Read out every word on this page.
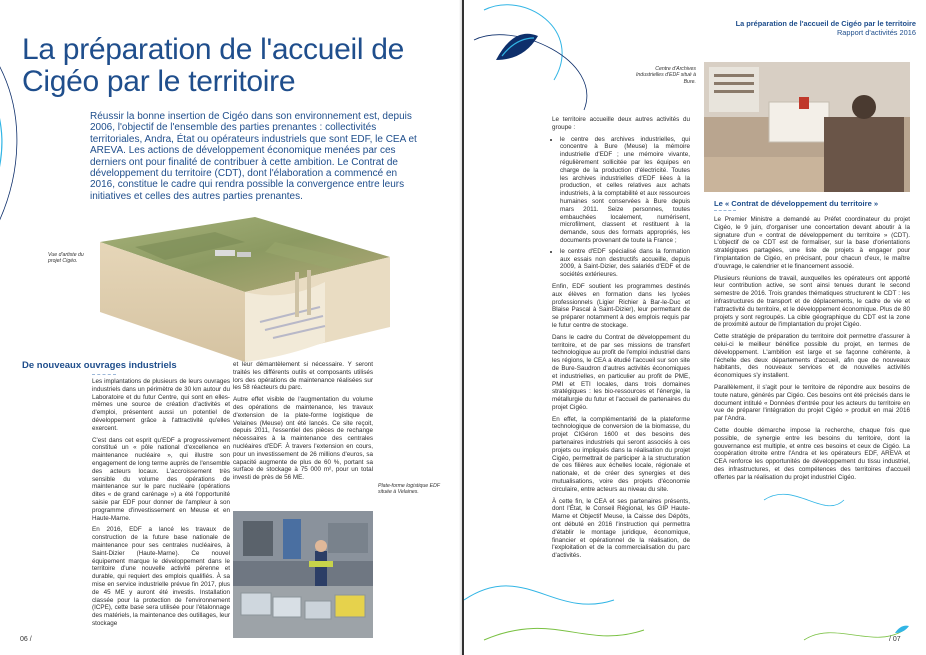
La préparation de l'accueil de Cigéo par le territoire
Réussir la bonne insertion de Cigéo dans son environnement est, depuis 2006, l'objectif de l'ensemble des parties prenantes : collectivités territoriales, Andra, État ou opérateurs industriels que sont EDF, le CEA et AREVA. Les actions de développement économique menées par ces derniers ont pour finalité de contribuer à cette ambition. Le Contrat de développement du territoire (CDT), dont l'élaboration a commencé en 2016, constitue le cadre qui rendra possible la convergence entre leurs initiatives et celles des autres parties prenantes.
Vue d'artiste du projet Cigéo.
De nouveaux ouvrages industriels

Les implantations de plusieurs de leurs ouvrages industriels dans un périmètre de 30 km autour du Laboratoire et du futur Centre, qui sont en elles-mêmes une source de création d'activités et d'emploi, présentent aussi un potentiel de développement grâce à l'attractivité qu'elles exercent.

C'est dans cet esprit qu'EDF a progressivement constitué un « pôle national d'excellence en maintenance nucléaire », qui illustre son engagement de long terme auprès de l'ensemble des acteurs locaux. L'accroissement très sensible du volume des opérations de maintenance sur le parc nucléaire (opérations dites « de grand carénage ») a été l'opportunité saisie par EDF pour donner de l'ampleur à son programme d'investissement en Meuse et en Haute-Marne.

En 2016, EDF a lancé les travaux de construction de la future base nationale de maintenance pour ses centrales nucléaires, à Saint-Dizier (Haute-Marne). Ce nouvel équipement marque le développement dans le territoire d'une nouvelle activité pérenne et durable, qui requiert des emplois qualifiés. À sa mise en service industrielle prévue fin 2017, plus de 45 ME y auront été investis. Installation classée pour la protection de l'environnement (ICPE), cette base sera utilisée pour l'étalonnage des matériels, la maintenance des outillages, leur stockage

et leur démantèlement si nécessaire. Y seront traités les différents outils et composants utilisés lors des opérations de maintenance réalisées sur les 58 réacteurs du parc.

Autre effet visible de l'augmentation du volume des opérations de maintenance, les travaux d'extension de la plate-forme logistique de Velaines (Meuse) ont été lancés. Ce site reçoit, depuis 2011, l'essentiel des pièces de rechange nécessaires à la maintenance des centrales nucléaires d'EDF. À travers l'extension en cours, pour un investissement de 26 millions d'euros, sa capacité augmente de plus de 60 %, portant sa surface de stockage à 75 000 m², pour un total investi de près de 56 ME.

Plate-forme logistique EDF située à Velaines.
06 /
La préparation de l'accueil de Cigéo par le territoire
Rapport d'activités 2016
Centre d'Archives Industrielles d'EDF situé à Bure.

Le territoire accueille deux autres activités du groupe :

• le centre des archives industrielles, qui concentre à Bure (Meuse) la mémoire industrielle d'EDF ; une mémoire vivante, régulièrement sollicitée par les équipes en charge de la production d'électricité. Toutes les archives industrielles d'EDF liées à la production, et celles relatives aux achats industriels, à la comptabilité et aux ressources humaines sont conservées à Bure depuis mars 2011. Seize personnes, toutes embauchées localement, numérisent, microfilment, classent et restituent à la demande, sous des formats appropriés, les documents provenant de toute la France ;
• le centre d'EDF spécialisé dans la formation aux essais non destructifs accueille, depuis 2009, à Saint-Dizier, des salariés d'EDF et de sociétés extérieures.

Enfin, EDF soutient les programmes destinés aux élèves en formation dans les lycées professionnels (Ligier Richier à Bar-le-Duc et Blaise Pascal à Saint-Dizier), leur permettant de se préparer notamment à des emplois requis par le futur centre de stockage.

Dans le cadre du Contrat de développement du territoire, et de par ses missions de transfert technologique au profit de l'emploi industriel dans les régions, le CEA a étudié l'accueil sur son site de Bure-Saudron d'autres activités économiques et industrielles, en particulier au profit de PME, PMI et ETI locales, dans trois domaines stratégiques : les bio-ressources et l'énergie, la métallurgie du futur et l'accueil de partenaires du projet Cigéo.

En effet, la complémentarité de la plateforme technologique de conversion de la biomasse, du projet CIGéron 1600 et des besoins des partenaires industriels qui seront associés à ces projets ou impliqués dans la réalisation du projet Cigéo, permettrait de participer à la structuration de ces filières aux échelles locale, régionale et nationale, et de créer des synergies et des mutualisations, voire des projets d'économie circulaire, entre acteurs au niveau du site.

À cette fin, le CEA et ses partenaires présents, dont l'État, le Conseil Régional, les GIP Haute-Marne et Objectif Meuse, la Caisse des Dépôts, ont débuté en 2016 l'instruction qui permettra d'établir le montage juridique, économique, financier et opérationnel de la réalisation, de l'exploitation et de la commercialisation du parc d'activités.

Le « Contrat de développement du territoire »

Le Premier Ministre a demandé au Préfet coordinateur du projet Cigéo, le 9 juin, d'organiser une concertation devant aboutir à la signature d'un « contrat de développement du territoire » (CDT). L'objectif de ce CDT est de formaliser, sur la base d'orientations stratégiques partagées, une liste de projets à engager pour l'implantation de Cigéo, en précisant, pour chacun d'eux, le maître d'ouvrage, le calendrier et le financement associé.

Plusieurs réunions de travail, auxquelles les opérateurs ont apporté leur contribution active, se sont ainsi tenues durant le second semestre de 2016. Trois grandes thématiques structurent le CDT : les infrastructures de transport et de déplacements, le cadre de vie et l'attractivité du territoire, et le développement économique. Plus de 80 projets y sont regroupés. La cible géographique du CDT est la zone de proximité autour de l'implantation du projet Cigéo.

Cette stratégie de préparation du territoire doit permettre d'assurer à celui-ci le meilleur bénéfice possible du projet, en termes de développement. L'ambition est large et se façonne cohérente, à l'échelle des deux départements d'accueil, afin que de nouveaux habitants, des nouveaux services et de nouvelles activités économiques s'y installent.

Parallèlement, il s'agit pour le territoire de répondre aux besoins de toute nature, générés par Cigéo. Ces besoins ont été précisés dans le document intitulé « Données d'entrée pour les acteurs du territoire en vue de préparer l'intégration du projet Cigéo » produit en mai 2016 par l'Andra.

Cette double démarche impose la recherche, chaque fois que possible, de synergie entre les besoins du territoire, dont la gouvernance est multiple, et entre ces besoins et ceux de Cigéo. La coopération étroite entre l'Andra et les opérateurs EDF, AREVA et CEA renforce les opportunités de développement du tissu industriel, des infrastructures, et des compétences des territoires d'accueil offertes par la réalisation du projet industriel Cigéo.

/ 07
